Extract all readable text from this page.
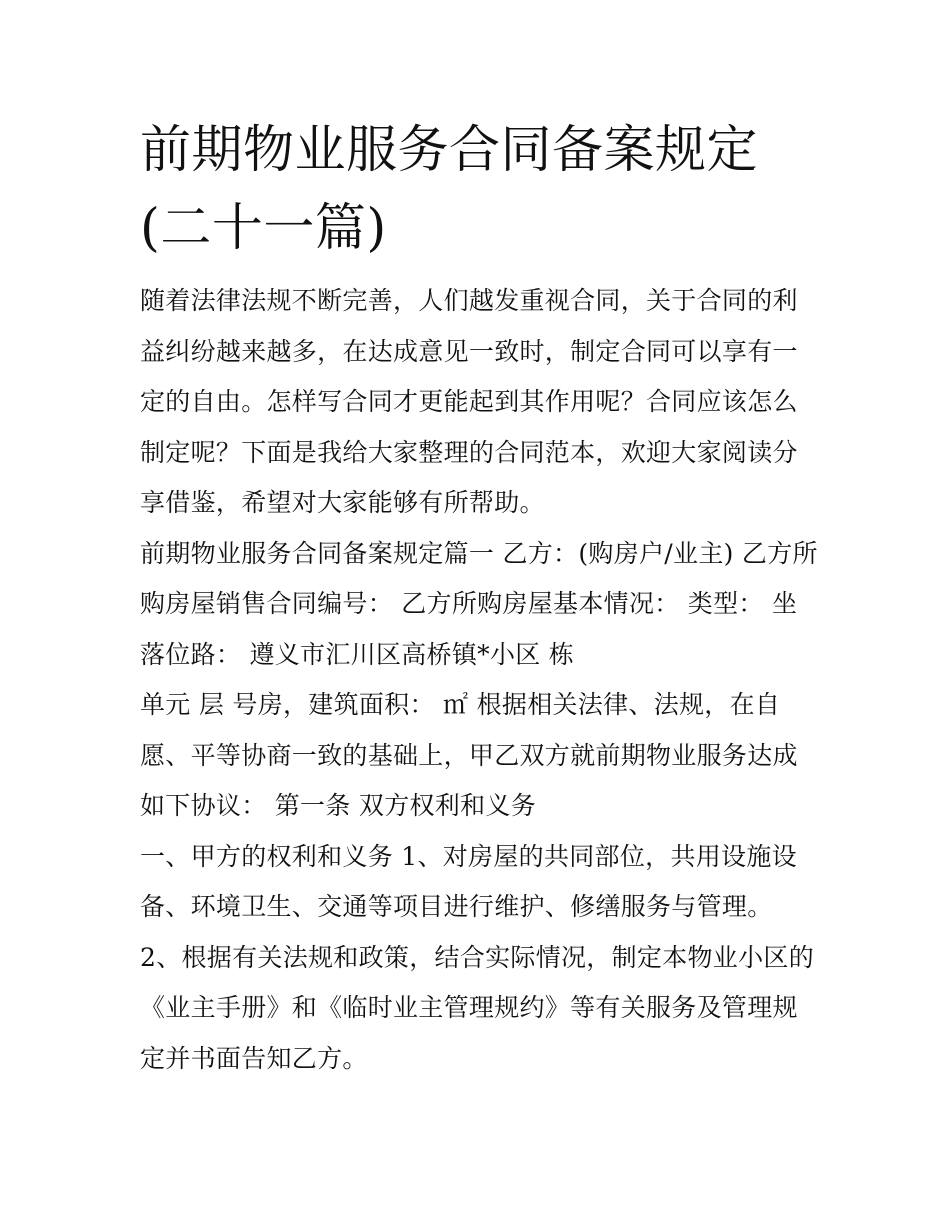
前期物业服务合同备案规定(二十一篇)

随着法律法规不断完善，人们越发重视合同，关于合同的利益纠纷越来越多，在达成意见一致时，制定合同可以享有一定的自由。怎样写合同才更能起到其作用呢？合同应该怎么制定呢？下面是我给大家整理的合同范本，欢迎大家阅读分享借鉴，希望对大家能够有所帮助。

前期物业服务合同备案规定篇一 乙方：(购房户/业主) 乙方所购房屋销售合同编号： 乙方所购房屋基本情况： 类型： 坐落位路： 遵义市汇川区高桥镇*小区 栋

单元 层 号房，建筑面积： ㎡ 根据相关法律、法规，在自愿、平等协商一致的基础上，甲乙双方就前期物业服务达成如下协议： 第一条 双方权利和义务

一、甲方的权利和义务 1、对房屋的共同部位，共用设施设备、环境卫生、交通等项目进行维护、修缮服务与管理。

2、根据有关法规和政策，结合实际情况，制定本物业小区的《业主手册》和《临时业主管理规约》等有关服务及管理规定并书面告知乙方。
